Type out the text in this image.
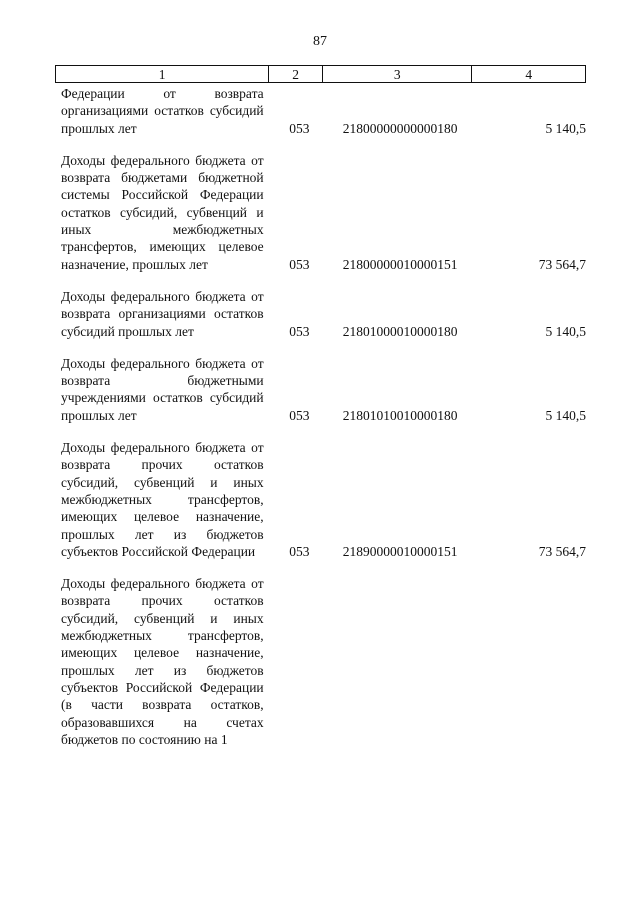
87
1	2	3	4
Федерации от возврата организациями остатков субсидий прошлых лет	053	21800000000000180	5 140,5
Доходы федерального бюджета от возврата бюджетами бюджетной системы Российской Федерации остатков субсидий, субвенций и иных межбюджетных трансфертов, имеющих целевое назначение, прошлых лет	053	21800000010000151	73 564,7
Доходы федерального бюджета от возврата организациями остатков субсидий прошлых лет	053	21801000010000180	5 140,5
Доходы федерального бюджета от возврата бюджетными учреждениями остатков субсидий прошлых лет	053	21801010010000180	5 140,5
Доходы федерального бюджета от возврата прочих остатков субсидий, субвенций и иных межбюджетных трансфертов, имеющих целевое назначение, прошлых лет из бюджетов субъектов Российской Федерации	053	21890000010000151	73 564,7
Доходы федерального бюджета от возврата прочих остатков субсидий, субвенций и иных межбюджетных трансфертов, имеющих целевое назначение, прошлых лет из бюджетов субъектов Российской Федерации (в части возврата остатков, образовавшихся на счетах бюджетов по состоянию на 1
